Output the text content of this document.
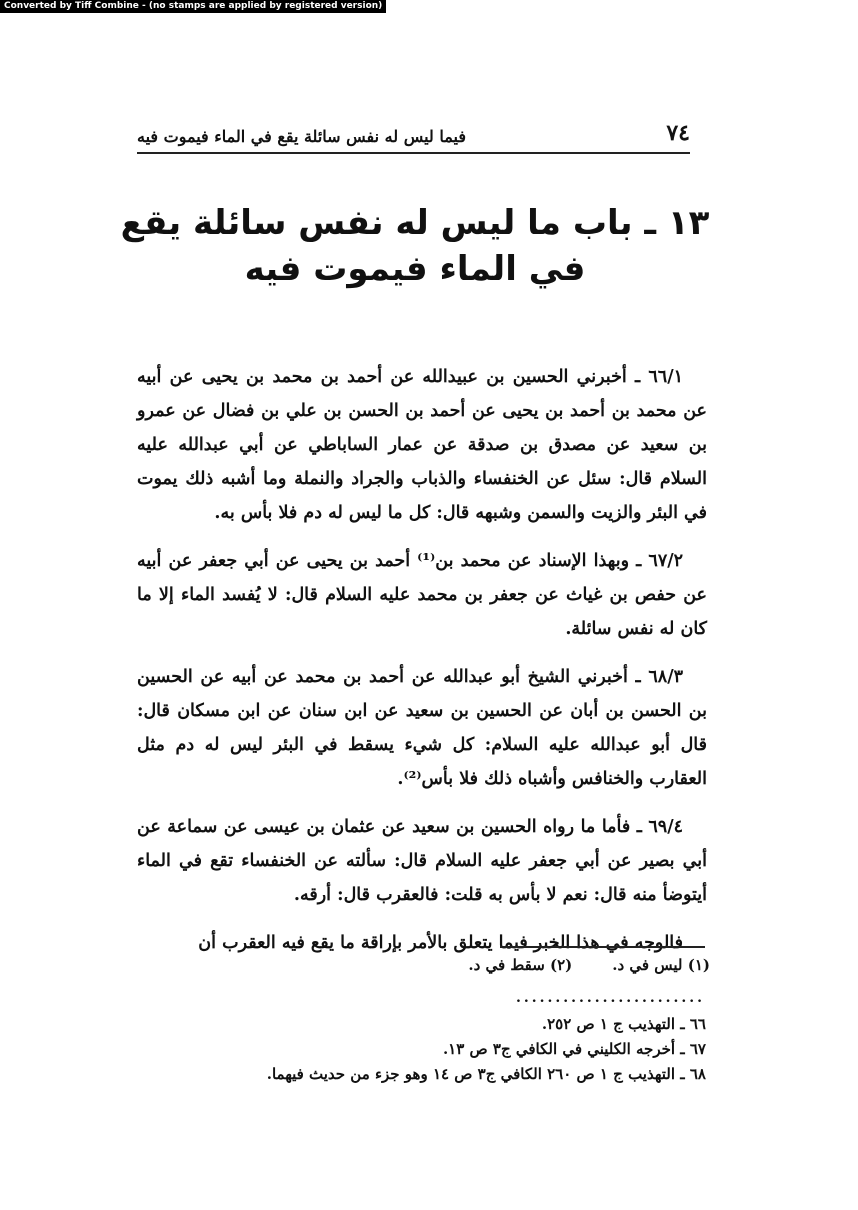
Converted by Tiff Combine - (no stamps are applied by registered version)
٧٤
فيما ليس له نفس سائلة يقع في الماء فيموت فيه
١٣ ـ باب ما ليس له نفس سائلة يقع في الماء فيموت فيه

٦٦/١ ـ أخبرني الحسين بن عبيدالله عن أحمد بن محمد بن يحيى عن أبيه عن محمد بن أحمد بن يحيى عن أحمد بن الحسن بن علي بن فضال عن عمرو بن سعيد عن مصدق بن صدقة عن عمار الساباطي عن أبي عبدالله عليه السلام قال: سئل عن الخنفساء والذباب والجراد والنملة وما أشبه ذلك يموت في البئر والزيت والسمن وشبهه قال: كل ما ليس له دم فلا بأس به.

٦٧/٢ ـ وبهذا الإسناد عن محمد بن⁽¹⁾ أحمد بن يحيى عن أبي جعفر عن أبيه عن حفص بن غياث عن جعفر بن محمد عليه السلام قال: لا يُفسد الماء إلا ما كان له نفس سائلة.

٦٨/٣ ـ أخبرني الشيخ أبو عبدالله عن أحمد بن محمد عن أبيه عن الحسين بن الحسن بن أبان عن الحسين بن سعيد عن ابن سنان عن ابن مسكان قال: قال أبو عبدالله عليه السلام: كل شيء يسقط في البئر ليس له دم مثل العقارب والخنافس وأشباه ذلك فلا بأس⁽²⁾.

٦٩/٤ ـ فأما ما رواه الحسين بن سعيد عن عثمان بن عيسى عن سماعة عن أبي بصير عن أبي جعفر عليه السلام قال: سألته عن الخنفساء تقع في الماء أيتوضأ منه قال: نعم لا بأس به قلت: فالعقرب قال: أرقه.

فالوجه في هذا الخبر فيما يتعلق بالأمر بإراقة ما يقع فيه العقرب أن

(١) ليس في د.
(٢) سقط في د.
........................
٦٦ ـ التهذيب ج ١ ص ٢٥٢.
٦٧ ـ أخرجه الكليني في الكافي ج٣ ص ١٣.
٦٨ ـ التهذيب ج ١ ص ٢٦٠ الكافي ج٣ ص ١٤ وهو جزء من حديث فيهما.
